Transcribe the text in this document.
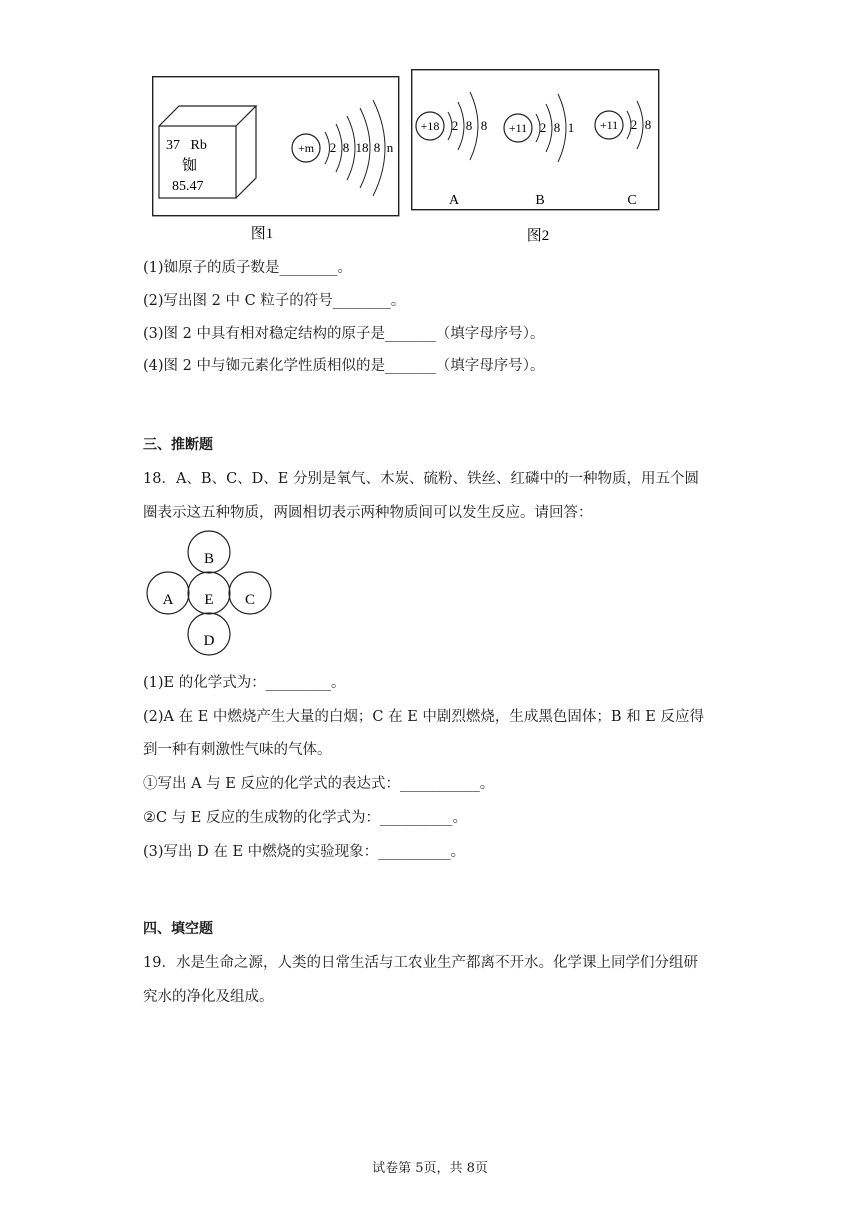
37   Rb
铷
85.47
+m 2 8 18 8 n
图1
+18 2 8 8
A
+11 2 8 1
B
+11 2 8
C
图2
(1)铷原子的质子数是________。
(2)写出图 2 中 C 粒子的符号________。
(3)图 2 中具有相对稳定结构的原子是_______（填字母序号）。
(4)图 2 中与铷元素化学性质相似的是_______（填字母序号）。
三、推断题
18．A、B、C、D、E 分别是氧气、木炭、硫粉、铁丝、红磷中的一种物质，用五个圆
圈表示这五种物质，两圆相切表示两种物质间可以发生反应。请回答：
B
A E C
D
(1)E 的化学式为：_________。
(2)A 在 E 中燃烧产生大量的白烟；C 在 E 中剧烈燃烧，生成黑色固体；B 和 E 反应得
到一种有刺激性气味的气体。
①写出 A 与 E 反应的化学式的表达式：___________。
②C 与 E 反应的生成物的化学式为：__________。
(3)写出 D 在 E 中燃烧的实验现象：__________。
四、填空题
19．水是生命之源，人类的日常生活与工农业生产都离不开水。化学课上同学们分组研
究水的净化及组成。
试卷第 5页，共 8页
